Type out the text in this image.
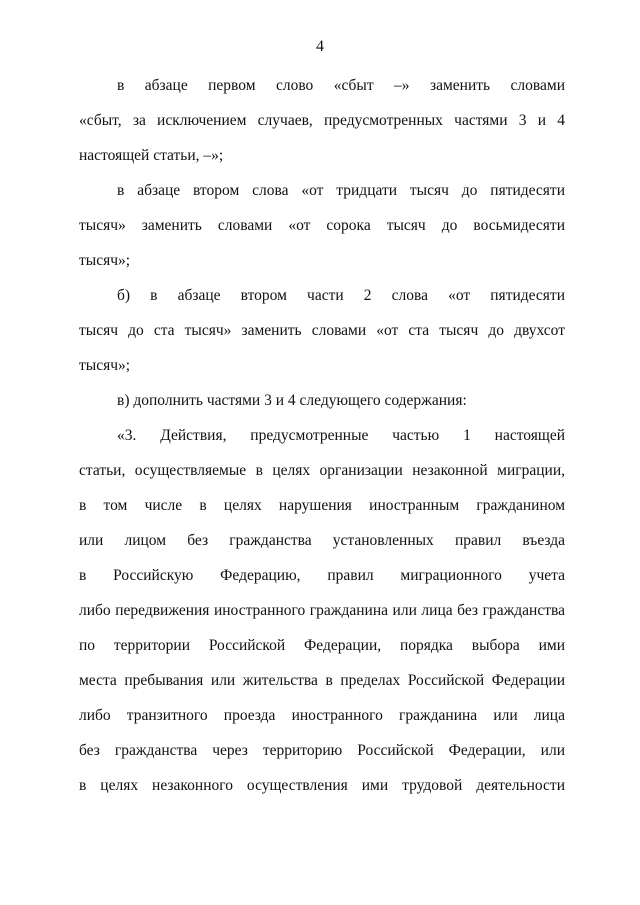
4
в абзаце первом слово «сбыт –» заменить словами
«сбыт, за исключением случаев, предусмотренных частями 3 и 4
настоящей статьи, –»;
в абзаце втором слова «от тридцати тысяч до пятидесяти
тысяч» заменить словами «от сорока тысяч до восьмидесяти
тысяч»;
б) в абзаце втором части 2 слова «от пятидесяти
тысяч до ста тысяч» заменить словами «от ста тысяч до двухсот
тысяч»;
в) дополнить частями 3 и 4 следующего содержания:
«3. Действия, предусмотренные частью 1 настоящей
статьи, осуществляемые в целях организации незаконной миграции,
в том числе в целях нарушения иностранным гражданином
или лицом без гражданства установленных правил въезда
в Российскую Федерацию, правил миграционного учета
либо передвижения иностранного гражданина или лица без гражданства
по территории Российской Федерации, порядка выбора ими
места пребывания или жительства в пределах Российской Федерации
либо транзитного проезда иностранного гражданина или лица
без гражданства через территорию Российской Федерации, или
в целях незаконного осуществления ими трудовой деятельности
